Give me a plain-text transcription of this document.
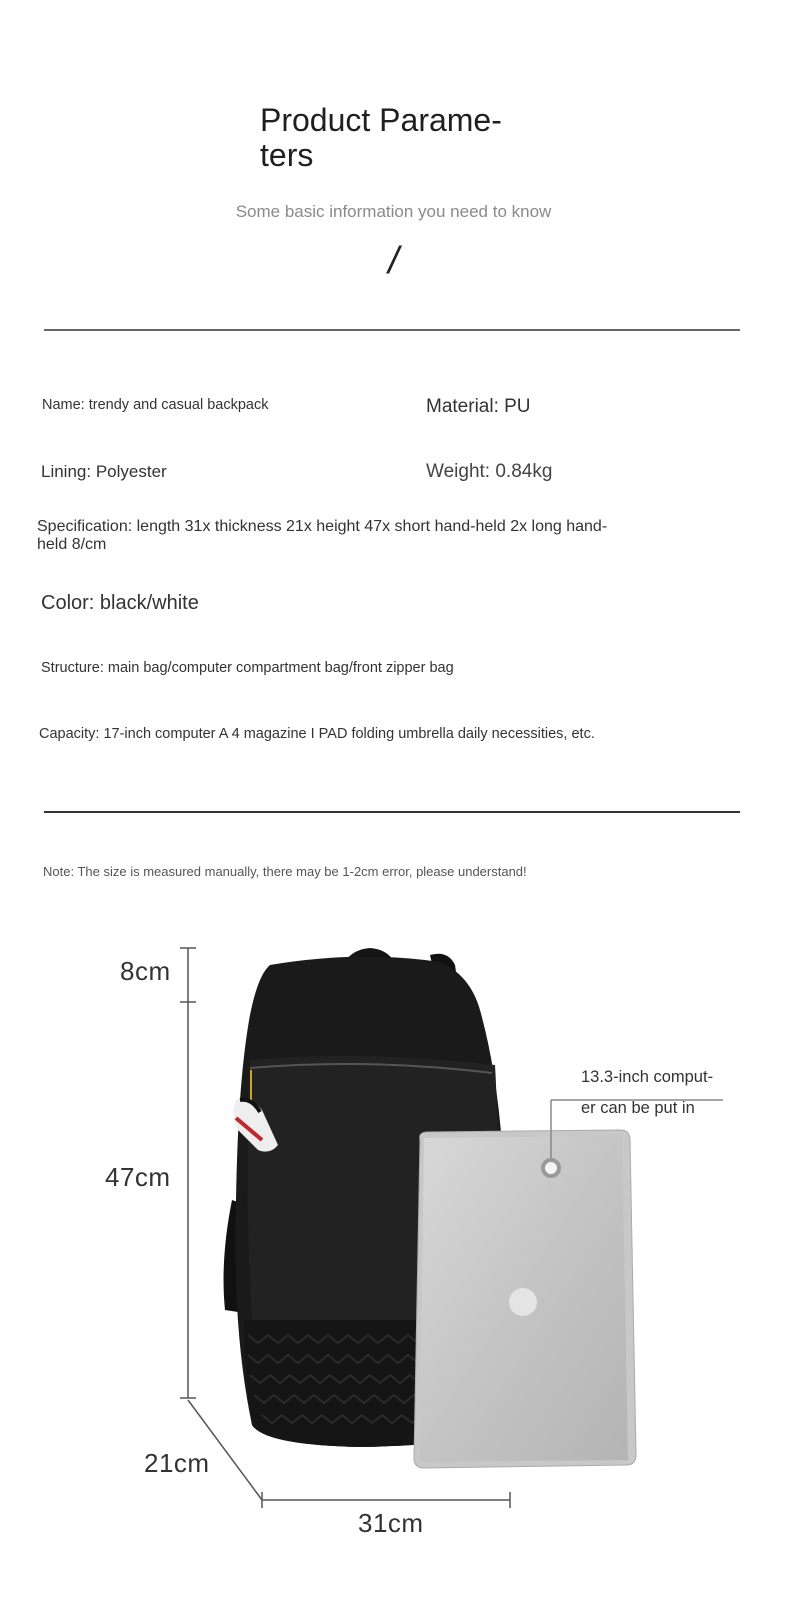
Product Parame-
ters
Some basic information you need to know
/
Name: trendy and casual backpack	Material: PU
Lining: Polyester	Weight: 0.84kg
Specification: length 31x thickness 21x height 47x short hand-held 2x long hand-held 8/cm
Color: black/white
Structure: main bag/computer compartment bag/front zipper bag
Capacity: 17-inch computer A 4 magazine I PAD folding umbrella daily necessities, etc.
Note: The size is measured manually, there may be 1-2cm error, please understand!
8cm
47cm
21cm
31cm
13.3-inch comput-
er can be put in
